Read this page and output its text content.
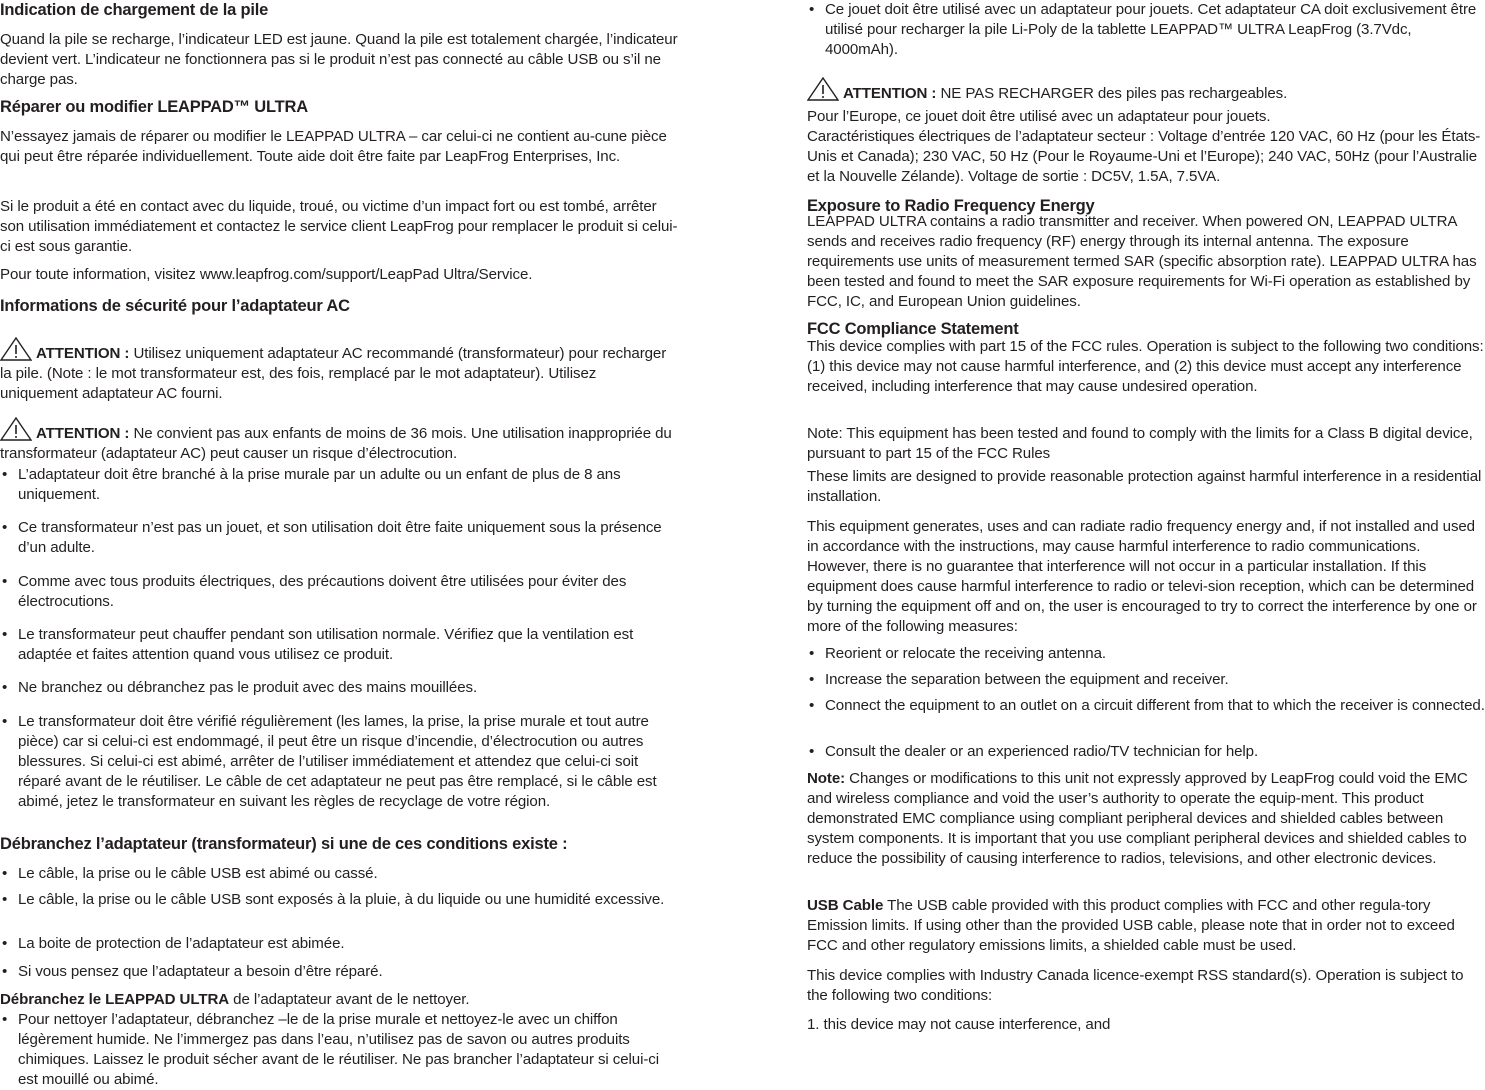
Indication de chargement de la pile
Quand la pile se recharge, l’indicateur LED est jaune. Quand la pile est totalement chargée, l’indicateur devient vert. L’indicateur ne fonctionnera pas si le produit n’est pas connecté au câble USB ou s’il ne charge pas.
Réparer ou modifier LEAPPAD™ ULTRA
N’essayez jamais de réparer ou modifier le LEAPPAD ULTRA – car celui-ci ne contient au-cune pièce qui peut être réparée individuellement. Toute aide doit être faite par LeapFrog Enterprises, Inc.
Si le produit a été en contact avec du liquide, troué, ou victime d’un impact fort ou est tombé, arrêter son utilisation immédiatement et contactez le service client LeapFrog pour remplacer le produit si celui-ci est sous garantie.
Pour toute information, visitez www.leapfrog.com/support/LeapPad Ultra/Service.
Informations de sécurité pour l’adaptateur AC
ATTENTION : Utilisez uniquement adaptateur AC recommandé (transformateur) pour recharger la pile. (Note : le mot transformateur est, des fois, remplacé par le mot adaptateur). Utilisez uniquement adaptateur AC fourni.
ATTENTION : Ne convient pas aux enfants de moins de 36 mois. Une utilisation inappropriée du transformateur (adaptateur AC) peut causer un risque d’électrocution.
• L’adaptateur doit être branché à la prise murale par un adulte ou un enfant de plus de 8 ans uniquement.
• Ce transformateur n’est pas un jouet, et son utilisation doit être faite uniquement sous la présence d’un adulte.
• Comme avec tous produits électriques, des précautions doivent être utilisées pour éviter des électrocutions.
• Le transformateur peut chauffer pendant son utilisation normale. Vérifiez que la ventilation est adaptée et faites attention quand vous utilisez ce produit.
• Ne branchez ou débranchez pas le produit avec des mains mouillées.
• Le transformateur doit être vérifié régulièrement (les lames, la prise, la prise murale et tout autre pièce) car si celui-ci est endommagé, il peut être un risque d’incendie, d’électrocution ou autres blessures. Si celui-ci est abimé, arrêter de l’utiliser immédiatement et attendez que celui-ci soit réparé avant de le réutiliser. Le câble de cet adaptateur ne peut pas être remplacé, si le câble est abimé, jetez le transformateur en suivant les règles de recyclage de votre région.
Débranchez l’adaptateur (transformateur) si une de ces conditions existe :
• Le câble, la prise ou le câble USB est abimé ou cassé.
• Le câble, la prise ou le câble USB sont exposés à la pluie, à du liquide ou une humidité excessive.
• La boite de protection de l’adaptateur est abimée.
• Si vous pensez que l’adaptateur a besoin d’être réparé.
Débranchez le LEAPPAD ULTRA de l’adaptateur avant de le nettoyer.
• Pour nettoyer l’adaptateur, débranchez –le de la prise murale et nettoyez-le avec un chiffon légèrement humide. Ne l’immergez pas dans l’eau, n’utilisez pas de savon ou autres produits chimiques. Laissez le produit sécher avant de le réutiliser. Ne pas brancher l’adaptateur si celui-ci est mouillé ou abimé.
• Ce jouet doit être utilisé avec un adaptateur pour jouets. Cet adaptateur CA doit exclusivement être utilisé pour recharger la pile Li-Poly de la tablette LEAPPAD™ ULTRA LeapFrog (3.7Vdc, 4000mAh).
ATTENTION : NE PAS RECHARGER des piles pas rechargeables.
Pour l’Europe, ce jouet doit être utilisé avec un adaptateur pour jouets.
Caractéristiques électriques de l’adaptateur secteur : Voltage d’entrée 120 VAC, 60 Hz (pour les États-Unis et Canada); 230 VAC, 50 Hz (Pour le Royaume-Uni et l’Europe); 240 VAC, 50Hz (pour l’Australie et la Nouvelle Zélande). Voltage de sortie : DC5V, 1.5A, 7.5VA.
Exposure to Radio Frequency Energy
LEAPPAD ULTRA contains a radio transmitter and receiver. When powered ON, LEAPPAD ULTRA sends and receives radio frequency (RF) energy through its internal antenna. The exposure requirements use units of measurement termed SAR (specific absorption rate). LEAPPAD ULTRA has been tested and found to meet the SAR exposure requirements for Wi-Fi operation as established by FCC, IC, and European Union guidelines.
FCC Compliance Statement
This device complies with part 15 of the FCC rules. Operation is subject to the following two conditions: (1) this device may not cause harmful interference, and (2) this device must accept any interference received, including interference that may cause undesired operation.
Note: This equipment has been tested and found to comply with the limits for a Class B digital device, pursuant to part 15 of the FCC Rules
These limits are designed to provide reasonable protection against harmful interference in a residential installation.
This equipment generates, uses and can radiate radio frequency energy and, if not installed and used in accordance with the instructions, may cause harmful interference to radio communications. However, there is no guarantee that interference will not occur in a particular installation. If this equipment does cause harmful interference to radio or televi-sion reception, which can be determined by turning the equipment off and on, the user is encouraged to try to correct the interference by one or more of the following measures:
• Reorient or relocate the receiving antenna.
• Increase the separation between the equipment and receiver.
• Connect the equipment to an outlet on a circuit different from that to which the receiver is connected.
• Consult the dealer or an experienced radio/TV technician for help.
Note: Changes or modifications to this unit not expressly approved by LeapFrog could void the EMC and wireless compliance and void the user’s authority to operate the equip-ment. This product demonstrated EMC compliance using compliant peripheral devices and shielded cables between system components. It is important that you use compliant peripheral devices and shielded cables to reduce the possibility of causing interference to radios, televisions, and other electronic devices.
USB Cable The USB cable provided with this product complies with FCC and other regula-tory Emission limits. If using other than the provided USB cable, please note that in order not to exceed FCC and other regulatory emissions limits, a shielded cable must be used.
This device complies with Industry Canada licence-exempt RSS standard(s). Operation is subject to the following two conditions:
1. this device may not cause interference, and
